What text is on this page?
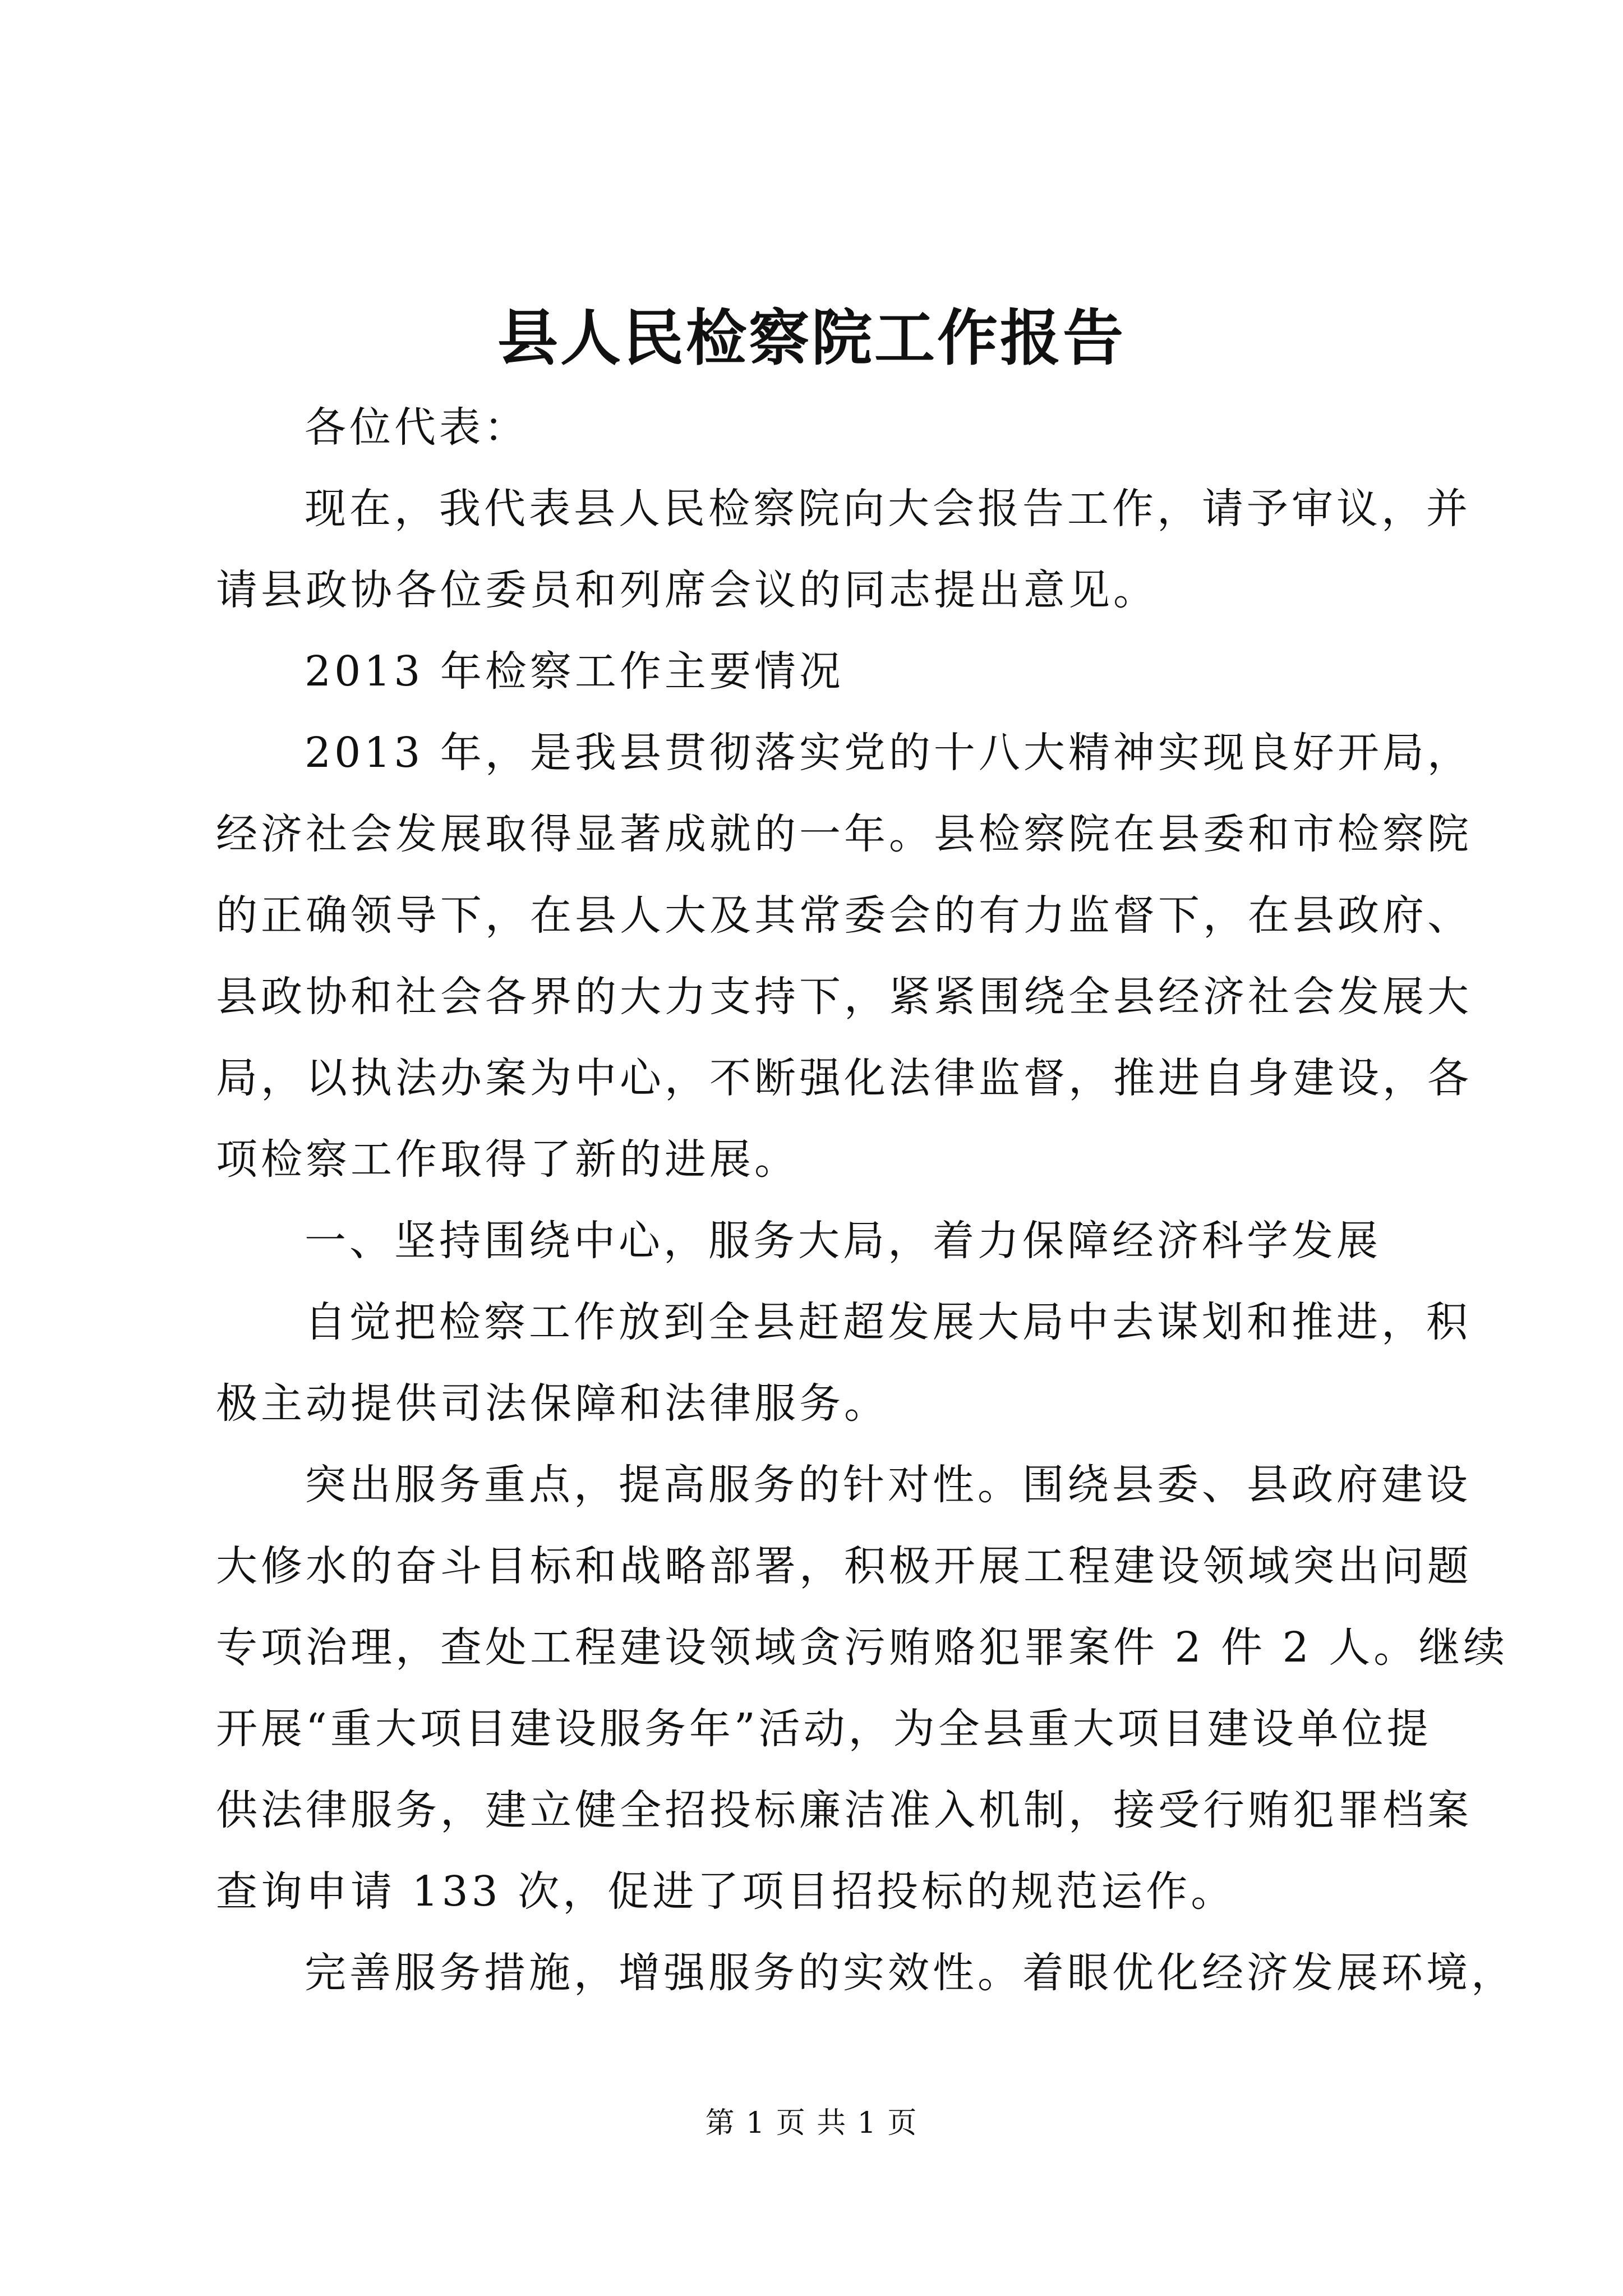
县人民检察院工作报告
各位代表：
现在，我代表县人民检察院向大会报告工作，请予审议，并
请县政协各位委员和列席会议的同志提出意见。
2013 年检察工作主要情况
2013 年，是我县贯彻落实党的十八大精神实现良好开局，
经济社会发展取得显著成就的一年。县检察院在县委和市检察院
的正确领导下，在县人大及其常委会的有力监督下，在县政府、
县政协和社会各界的大力支持下，紧紧围绕全县经济社会发展大
局，以执法办案为中心，不断强化法律监督，推进自身建设，各
项检察工作取得了新的进展。
一、坚持围绕中心，服务大局，着力保障经济科学发展
自觉把检察工作放到全县赶超发展大局中去谋划和推进，积
极主动提供司法保障和法律服务。
突出服务重点，提高服务的针对性。围绕县委、县政府建设
大修水的奋斗目标和战略部署，积极开展工程建设领域突出问题
专项治理，查处工程建设领域贪污贿赂犯罪案件 2 件 2 人。继续
开展“重大项目建设服务年”活动，为全县重大项目建设单位提
供法律服务，建立健全招投标廉洁准入机制，接受行贿犯罪档案
查询申请 133 次，促进了项目招投标的规范运作。
完善服务措施，增强服务的实效性。着眼优化经济发展环境，
第 1 页 共 1 页
